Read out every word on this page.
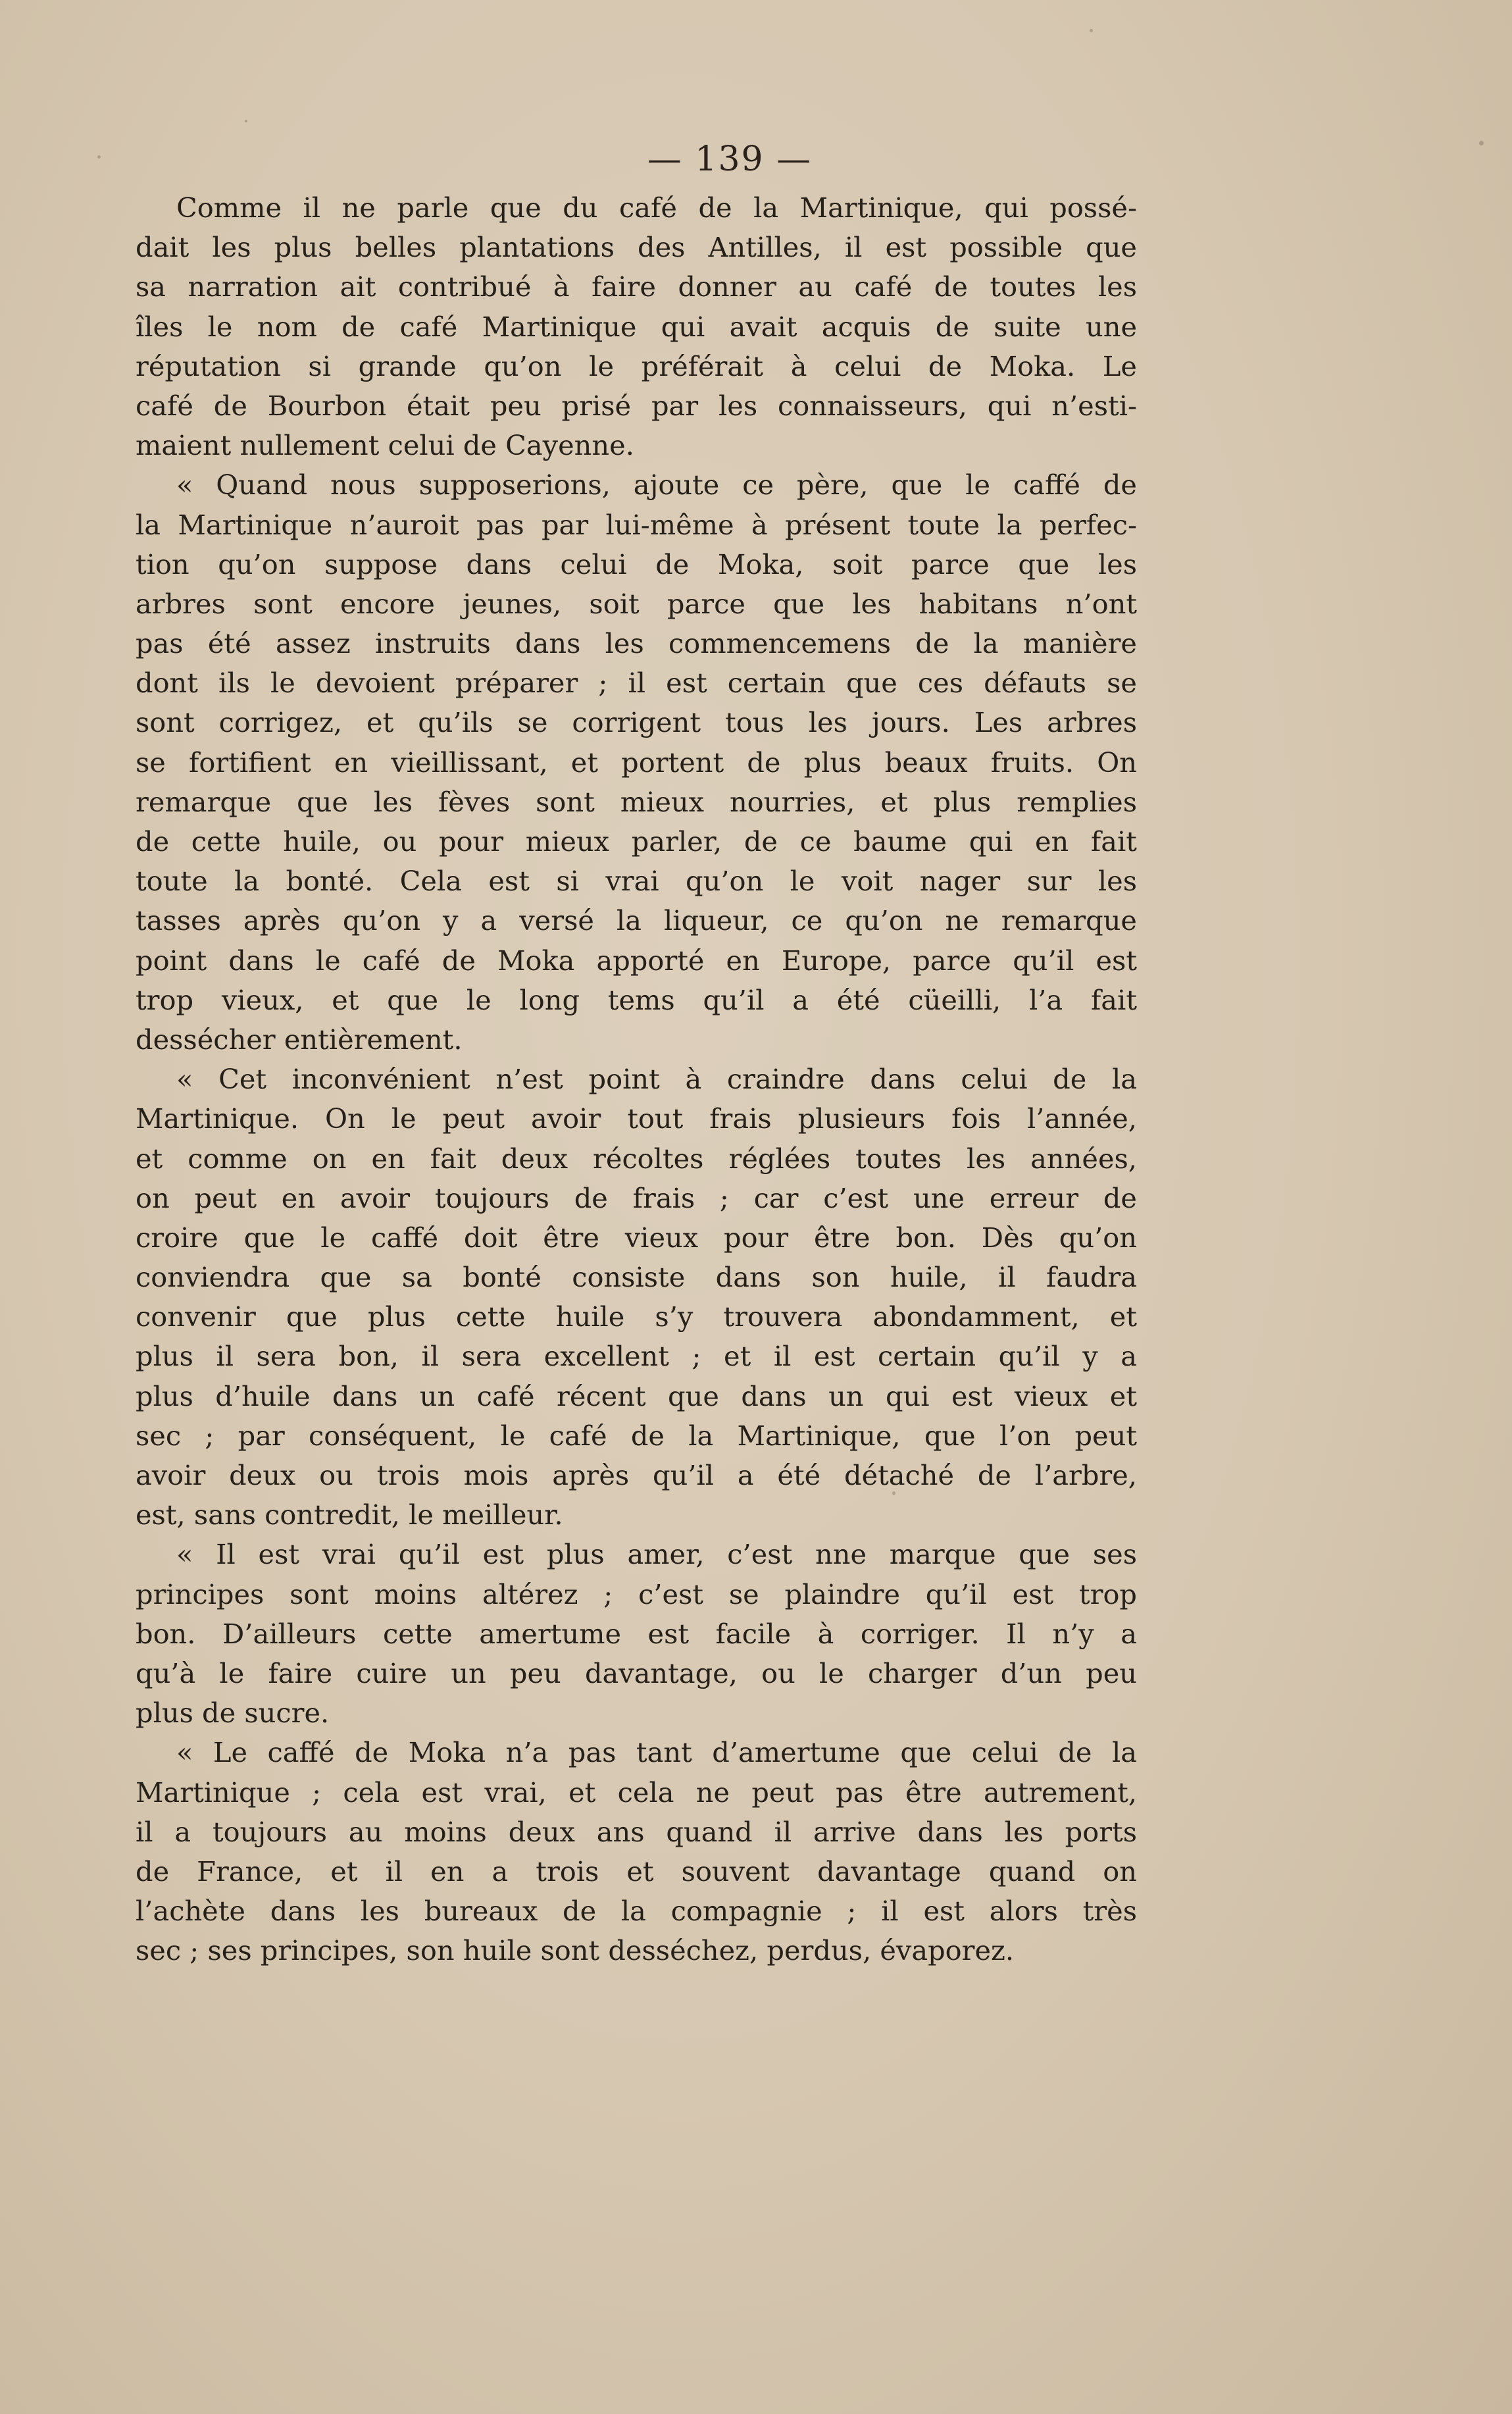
— 139 —
Comme il ne parle que du café de la Martinique, qui possé-
dait les plus belles plantations des Antilles, il est possible que
sa narration ait contribué à faire donner au café de toutes les
îles le nom de café Martinique qui avait acquis de suite une
réputation si grande qu’on le préférait à celui de Moka. Le
café de Bourbon était peu prisé par les connaisseurs, qui n’esti-
maient nullement celui de Cayenne.
« Quand nous supposerions, ajoute ce père, que le caffé de
la Martinique n’auroit pas par lui-même à présent toute la perfec-
tion qu’on suppose dans celui de Moka, soit parce que les
arbres sont encore jeunes, soit parce que les habitans n’ont
pas été assez instruits dans les commencemens de la manière
dont ils le devoient préparer ; il est certain que ces défauts se
sont corrigez, et qu’ils se corrigent tous les jours. Les arbres
se fortifient en vieillissant, et portent de plus beaux fruits. On
remarque que les fèves sont mieux nourries, et plus remplies
de cette huile, ou pour mieux parler, de ce baume qui en fait
toute la bonté. Cela est si vrai qu’on le voit nager sur les
tasses après qu’on y a versé la liqueur, ce qu’on ne remarque
point dans le café de Moka apporté en Europe, parce qu’il est
trop vieux, et que le long tems qu’il a été cüeilli, l’a fait
dessécher entièrement.
« Cet inconvénient n’est point à craindre dans celui de la
Martinique. On le peut avoir tout frais plusieurs fois l’année,
et comme on en fait deux récoltes réglées toutes les années,
on peut en avoir toujours de frais ; car c’est une erreur de
croire que le caffé doit être vieux pour être bon. Dès qu’on
conviendra que sa bonté consiste dans son huile, il faudra
convenir que plus cette huile s’y trouvera abondamment, et
plus il sera bon, il sera excellent ; et il est certain qu’il y a
plus d’huile dans un café récent que dans un qui est vieux et
sec ; par conséquent, le café de la Martinique, que l’on peut
avoir deux ou trois mois après qu’il a été détaché de l’arbre,
est, sans contredit, le meilleur.
« Il est vrai qu’il est plus amer, c’est nne marque que ses
principes sont moins altérez ; c’est se plaindre qu’il est trop
bon. D’ailleurs cette amertume est facile à corriger. Il n’y a
qu’à le faire cuire un peu davantage, ou le charger d’un peu
plus de sucre.
« Le caffé de Moka n’a pas tant d’amertume que celui de la
Martinique ; cela est vrai, et cela ne peut pas être autrement,
il a toujours au moins deux ans quand il arrive dans les ports
de France, et il en a trois et souvent davantage quand on
l’achète dans les bureaux de la compagnie ; il est alors très
sec ; ses principes, son huile sont desséchez, perdus, évaporez.
